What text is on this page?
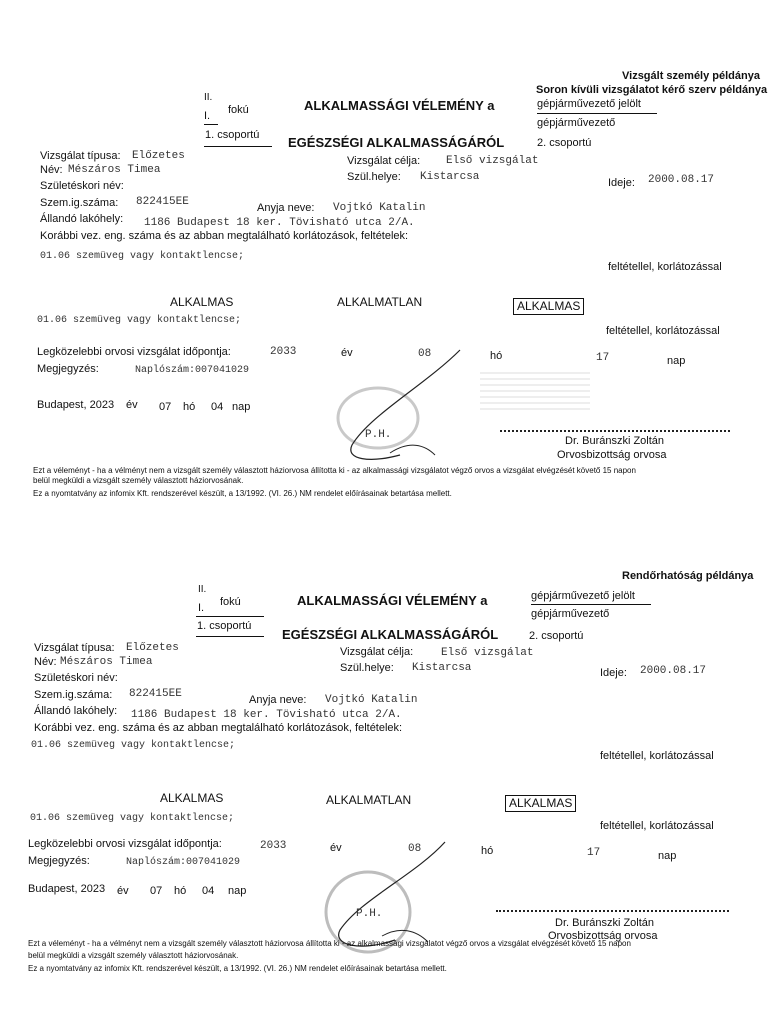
Vizsgált személy példánya
Soron kívüli vizsgálatot kérő szerv példánya
II.
I. fokú
1. csoportú
ALKALMASSÁGI VÉLEMÉNY a
EGÉSZSÉGI ALKALMASSÁGÁRÓL
gépjárművezető jelölt
gépjárművezető
2. csoportú
Vizsgálat típusa: Előzetes
Név: Mészáros Timea
Születéskori név:
Vizsgálat célja: Első vizsgálat
Szül.helye: Kistarcsa	Ideje: 2000.08.17
Szem.ig.száma: 822415EE	Anyja neve: Vojtkó Katalin
Állandó lakóhely: 1186 Budapest 18 ker. Tövisható utca 2/A.
Korábbi vez. eng. száma és az abban megtalálható korlátozások, feltételek:
01.06 szemüveg vagy kontaktlencse;
feltétellel, korlátozással
ALKALMAS	ALKALMATLAN	ALKALMAS
01.06 szemüveg vagy kontaktlencse;
feltétellel, korlátozással
Legközelebbi orvosi vizsgálat időpontja:	2033	év	08	hó	17	nap
Megjegyzés:	Naplószám:007041029
Budapest, 2023 év 07 hó 04 nap
P.H.	Dr. Buránszki Zoltán
Orvosbizottság orvosa
Ezt a véleményt - ha a vélményt nem a vizsgált személy választott háziorvosa állította ki - az alkalmassági vizsgálatot végző orvos a vizsgálat elvégzését követő 15 napon
belül megküldi a vizsgált személy választott háziorvosának.
Ez a nyomtatvány az infomix Kft. rendszerével készült, a 13/1992. (VI. 26.) NM rendelet előírásainak betartása mellett.
Rendőrhatóság példánya
II.
I. fokú
1. csoportú
ALKALMASSÁGI VÉLEMÉNY a
EGÉSZSÉGI ALKALMASSÁGÁRÓL
gépjárművezető jelölt
gépjárművezető
2. csoportú
Vizsgálat típusa: Előzetes
Név: Mészáros Timea
Születéskori név:
Vizsgálat célja:	Első vizsgálat
Szül.helye: Kistarcsa	Ideje: 2000.08.17
Szem.ig.száma: 822415EE	Anyja neve: Vojtkó Katalin
Állandó lakóhely: 1186 Budapest 18 ker. Tövisható utca 2/A.
Korábbi vez. eng. száma és az abban megtalálható korlátozások, feltételek:
01.06 szemüveg vagy kontaktlencse;
feltétellel, korlátozással
ALKALMAS	ALKALMATLAN	ALKALMAS
01.06 szemüveg vagy kontaktlencse;
feltétellel, korlátozással
Legközelebbi orvosi vizsgálat időpontja:	2033	év	08	hó	17	nap
Megjegyzés:	Naplószám:007041029
Budapest, 2023 év 07 hó 04 nap
P.H.
Dr. Buránszki Zoltán
Orvosbizottság orvosa
Ezt a véleményt - ha a vélményt nem a vizsgált személy választott háziorvosa állította ki - az alkalmassági vizsgálatot végző orvos a vizsgálat elvégzését követő 15 napon
belül megküldi a vizsgált személy választott háziorvosának.
Ez a nyomtatvány az infomix Kft. rendszerével készült, a 13/1992. (VI. 26.) NM rendelet előírásainak betartása mellett.
